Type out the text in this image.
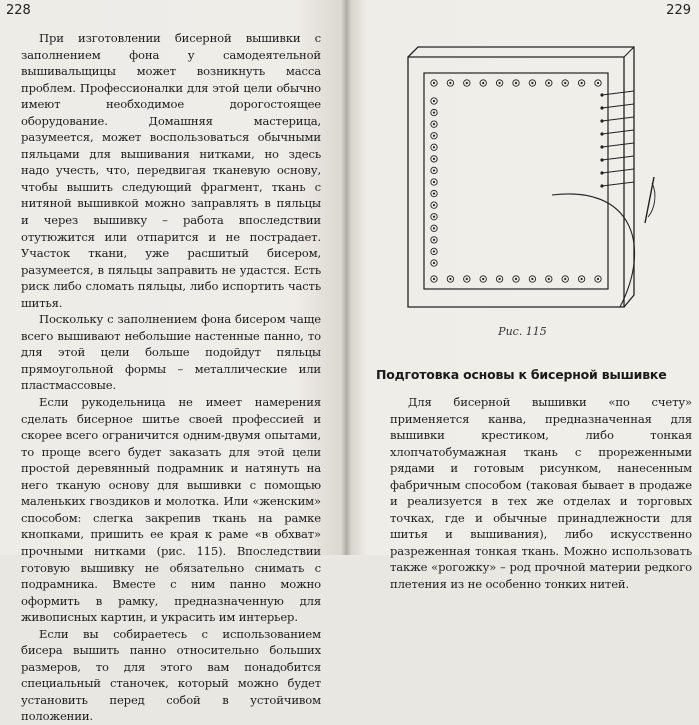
228

При изготовлении бисерной вышивки с заполнением фона у самодеятельной вышивальщицы может возникнуть масса проблем. Профессионалки для этой цели обычно имеют необходимое дорогостоящее оборудование. Домашняя мастерица, разумеется, может воспользоваться обычными пяльцами для вышивания нитками, но здесь надо учесть, что, передвигая тканевую основу, чтобы вышить следующий фрагмент, ткань с нитяной вышивкой можно заправлять в пяльцы и через вышивку – работа впоследствии отутюжится или отпарится и не пострадает. Участок ткани, уже расшитый бисером, разумеется, в пяльцы заправить не удастся. Есть риск либо сломать пяльцы, либо испортить часть шитья.

Поскольку с заполнением фона бисером чаще всего вышивают небольшие настенные панно, то для этой цели больше подойдут пяльцы прямоугольной формы – металлические или пластмассовые.

Если рукодельница не имеет намерения сделать бисерное шитье своей профессией и скорее всего ограничится одним-двумя опытами, то проще всего будет заказать для этой цели простой деревянный подрамник и натянуть на него тканую основу для вышивки с помощью маленьких гвоздиков и молотка. Или «женским» способом: слегка закрепив ткань на рамке кнопками, пришить ее края к раме «в обхват» прочными нитками (рис. 115). Впоследствии готовую вышивку не обязательно снимать с подрамника. Вместе с ним панно можно оформить в рамку, предназначенную для живописных картин, и украсить им интерьер.

Если вы собираетесь с использованием бисера вышить панно относительно больших размеров, то для этого вам понадобится специальный станочек, который можно будет установить перед собой в устойчивом положении.

229
Рис. 115
Подготовка основы к бисерной вышивке

Для бисерной вышивки «по счету» применяется канва, предназначенная для вышивки крестиком, либо тонкая хлопчатобумажная ткань с прореженными рядами и готовым рисунком, нанесенным фабричным способом (таковая бывает в продаже и реализуется в тех же отделах и торговых точках, где и обычные принадлежности для шитья и вышивания), либо искусственно разреженная тонкая ткань. Можно использовать также «рогожку» – род прочной материи редкого плетения из не особенно тонких нитей.
